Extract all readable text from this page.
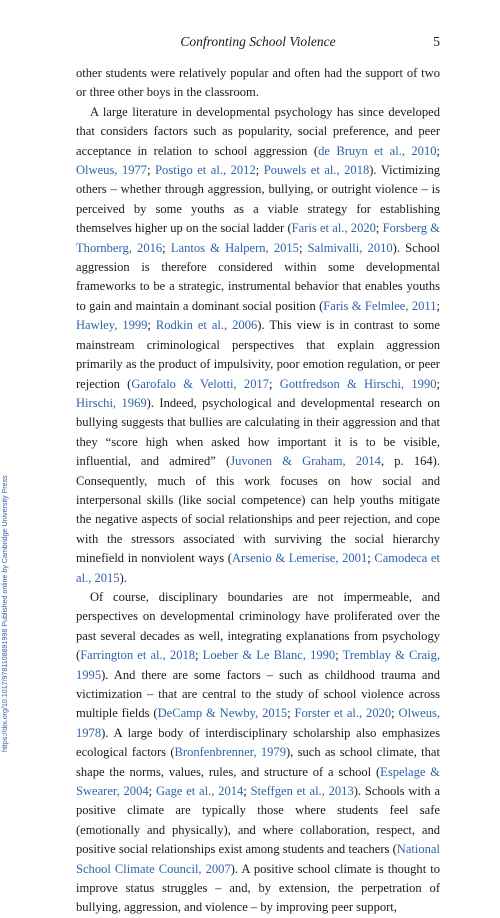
Confronting School Violence	5

other students were relatively popular and often had the support of two or three other boys in the classroom.

A large literature in developmental psychology has since developed that considers factors such as popularity, social preference, and peer acceptance in relation to school aggression (de Bruyn et al., 2010; Olweus, 1977; Postigo et al., 2012; Pouwels et al., 2018). Victimizing others – whether through aggression, bullying, or outright violence – is perceived by some youths as a viable strategy for establishing themselves higher up on the social ladder (Faris et al., 2020; Forsberg & Thornberg, 2016; Lantos & Halpern, 2015; Salmivalli, 2010). School aggression is therefore considered within some developmental frameworks to be a strategic, instrumental behavior that enables youths to gain and maintain a dominant social position (Faris & Felmlee, 2011; Hawley, 1999; Rodkin et al., 2006). This view is in contrast to some mainstream criminological perspectives that explain aggression primarily as the product of impulsivity, poor emotion regulation, or peer rejection (Garofalo & Velotti, 2017; Gottfredson & Hirschi, 1990; Hirschi, 1969). Indeed, psychological and developmental research on bullying suggests that bullies are calculating in their aggression and that they “score high when asked how important it is to be visible, influential, and admired” (Juvonen & Graham, 2014, p. 164). Consequently, much of this work focuses on how social and interpersonal skills (like social competence) can help youths mitigate the negative aspects of social relationships and peer rejection, and cope with the stressors associated with surviving the social hierarchy minefield in nonviolent ways (Arsenio & Lemerise, 2001; Camodeca et al., 2015).

Of course, disciplinary boundaries are not impermeable, and perspectives on developmental criminology have proliferated over the past several decades as well, integrating explanations from psychology (Farrington et al., 2018; Loeber & Le Blanc, 1990; Tremblay & Craig, 1995). And there are some factors – such as childhood trauma and victimization – that are central to the study of school violence across multiple fields (DeCamp & Newby, 2015; Forster et al., 2020; Olweus, 1978). A large body of interdisciplinary scholarship also emphasizes ecological factors (Bronfenbrenner, 1979), such as school climate, that shape the norms, values, rules, and structure of a school (Espelage & Swearer, 2004; Gage et al., 2014; Steffgen et al., 2013). Schools with a positive climate are typically those where students feel safe (emotionally and physically), and where collaboration, respect, and positive social relationships exist among students and teachers (National School Climate Council, 2007). A positive school climate is thought to improve status struggles – and, by extension, the perpetration of bullying, aggression, and violence – by improving peer support,

https://doi.org/10.1017/9781108891998 Published online by Cambridge University Press
